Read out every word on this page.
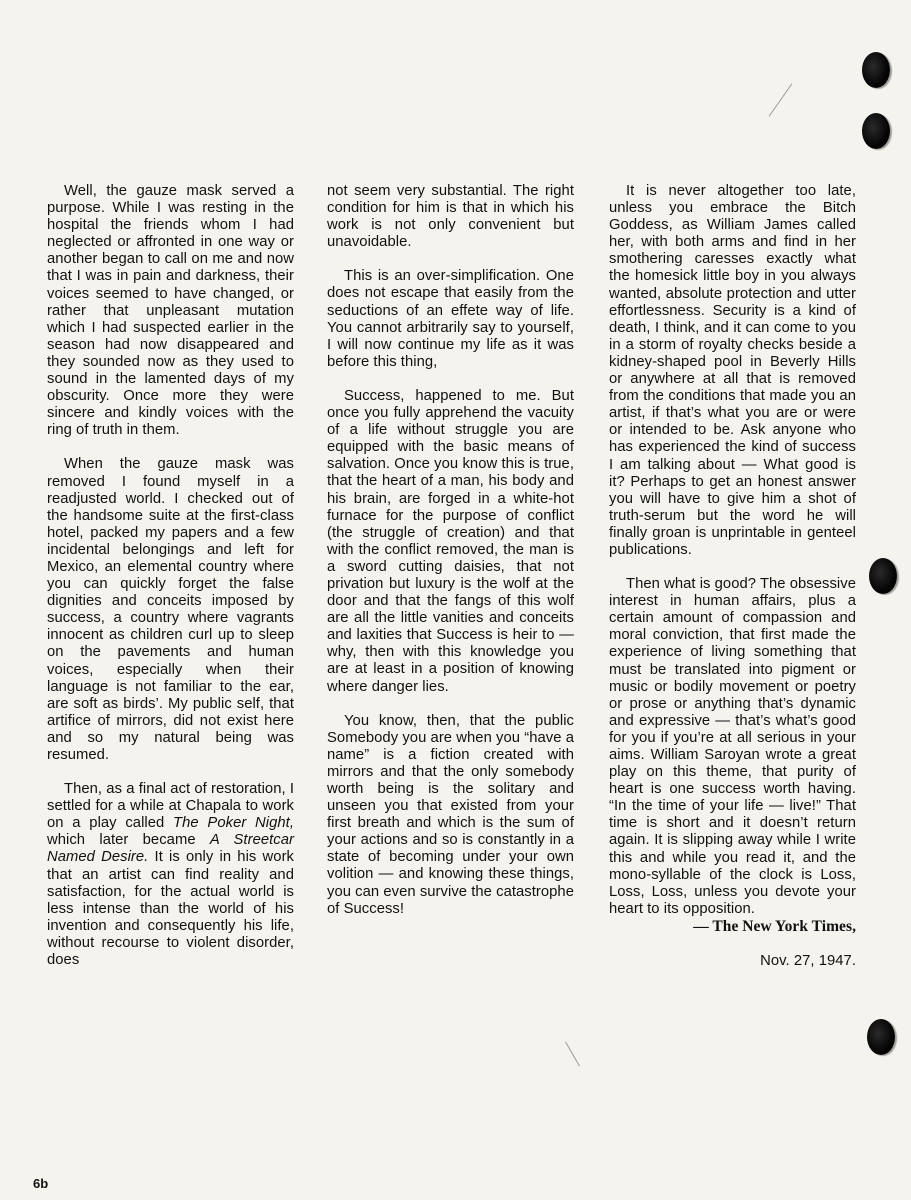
Well, the gauze mask served a purpose. While I was resting in the hospital the friends whom I had neglected or affronted in one way or another began to call on me and now that I was in pain and darkness, their voices seemed to have changed, or rather that unpleasant mutation which I had suspected earlier in the season had now disappeared and they sounded now as they used to sound in the lamented days of my obscurity. Once more they were sincere and kindly voices with the ring of truth in them.

When the gauze mask was removed I found myself in a readjusted world. I checked out of the handsome suite at the first-class hotel, packed my papers and a few incidental belongings and left for Mexico, an elemental country where you can quickly forget the false dignities and conceits imposed by success, a country where vagrants innocent as children curl up to sleep on the pavements and human voices, especially when their language is not familiar to the ear, are soft as birds’. My public self, that artifice of mirrors, did not exist here and so my natural being was resumed.

Then, as a final act of restoration, I settled for a while at Chapala to work on a play called The Poker Night, which later became A Streetcar Named Desire. It is only in his work that an artist can find reality and satisfaction, for the actual world is less intense than the world of his invention and consequently his life, without recourse to violent disorder, does

not seem very substantial. The right condition for him is that in which his work is not only convenient but unavoidable.

This is an over-simplification. One does not escape that easily from the seductions of an effete way of life. You cannot arbitrarily say to yourself, I will now continue my life as it was before this thing,

Success, happened to me. But once you fully apprehend the vacuity of a life without struggle you are equipped with the basic means of salvation. Once you know this is true, that the heart of a man, his body and his brain, are forged in a white-hot furnace for the purpose of conflict (the struggle of creation) and that with the conflict removed, the man is a sword cutting daisies, that not privation but luxury is the wolf at the door and that the fangs of this wolf are all the little vanities and conceits and laxities that Success is heir to — why, then with this knowledge you are at least in a position of knowing where danger lies.

You know, then, that the public Somebody you are when you “have a name” is a fiction created with mirrors and that the only somebody worth being is the solitary and unseen you that existed from your first breath and which is the sum of your actions and so is constantly in a state of becoming under your own volition — and knowing these things, you can even survive the catastrophe of Success!

It is never altogether too late, unless you embrace the Bitch Goddess, as William James called her, with both arms and find in her smothering caresses exactly what the homesick little boy in you always wanted, absolute protection and utter effortlessness. Security is a kind of death, I think, and it can come to you in a storm of royalty checks beside a kidney-shaped pool in Beverly Hills or anywhere at all that is removed from the conditions that made you an artist, if that’s what you are or were or intended to be. Ask anyone who has experienced the kind of success I am talking about — What good is it? Perhaps to get an honest answer you will have to give him a shot of truth-serum but the word he will finally groan is unprintable in genteel publications.

Then what is good? The obsessive interest in human affairs, plus a certain amount of compassion and moral conviction, that first made the experience of living something that must be translated into pigment or music or bodily movement or poetry or prose or anything that’s dynamic and expressive — that’s what’s good for you if you’re at all serious in your aims. William Saroyan wrote a great play on this theme, that purity of heart is one success worth having. “In the time of your life — live!” That time is short and it doesn’t return again. It is slipping away while I write this and while you read it, and the mono-syllable of the clock is Loss, Loss, Loss, unless you devote your heart to its opposition.

— The New York Times,

Nov. 27, 1947.

6b
